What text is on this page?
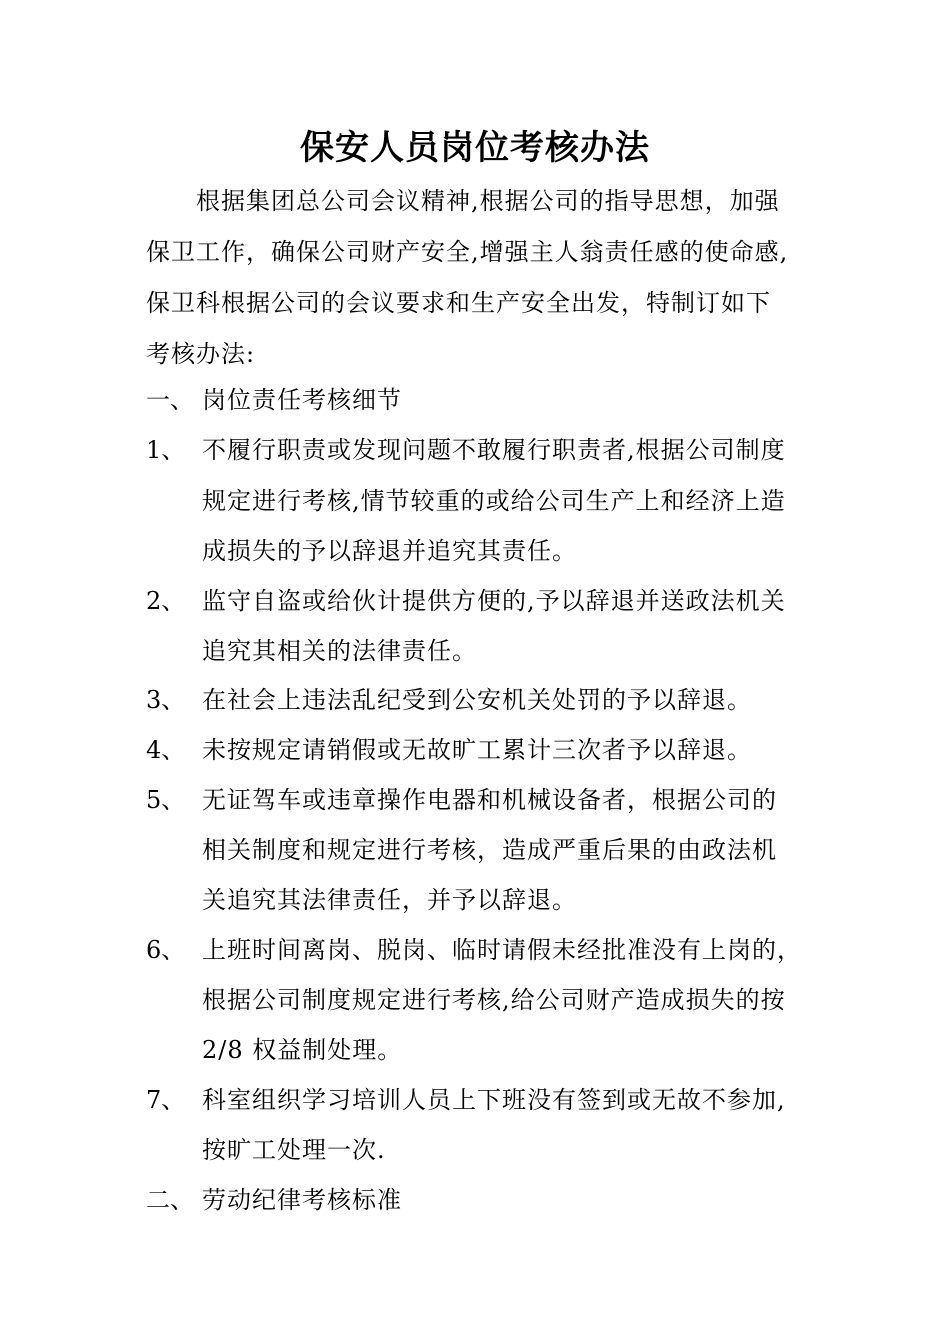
保安人员岗位考核办法

根据集团总公司会议精神,根据公司的指导思想，加强

保卫工作，确保公司财产安全,增强主人翁责任感的使命感,

保卫科根据公司的会议要求和生产安全出发，特制订如下

考核办法:

一、 岗位责任考核细节

1、 不履行职责或发现问题不敢履行职责者,根据公司制度

规定进行考核,情节较重的或给公司生产上和经济上造

成损失的予以辞退并追究其责任。

2、 监守自盗或给伙计提供方便的,予以辞退并送政法机关

追究其相关的法律责任。

3、 在社会上违法乱纪受到公安机关处罚的予以辞退。

4、 未按规定请销假或无故旷工累计三次者予以辞退。

5、 无证驾车或违章操作电器和机械设备者，根据公司的

相关制度和规定进行考核，造成严重后果的由政法机

关追究其法律责任，并予以辞退。

6、 上班时间离岗、脱岗、临时请假未经批准没有上岗的，

根据公司制度规定进行考核,给公司财产造成损失的按

2/8 权益制处理。

7、 科室组织学习培训人员上下班没有签到或无故不参加,

按旷工处理一次.

二、 劳动纪律考核标准
